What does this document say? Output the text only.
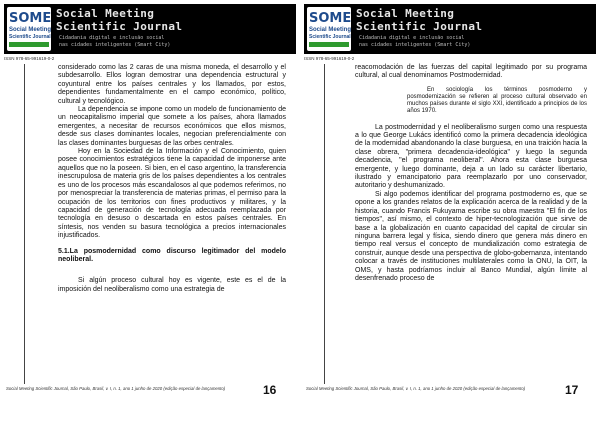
SOME
Social Meeting
Scientific Journal
Social Meeting
Scientific Journal
Cidadania digital e inclusão social
nas cidades inteligentes (Smart City)
ISSN 978-65-991619-0-2

considerado como las 2 caras de una misma moneda, el desarrollo y el subdesarrollo. Ellos logran demostrar una dependencia estructural y coyuntural entre los países centrales y los llamados, por estos, dependientes fundamentalmente en el campo económico, político, cultural y tecnológico.

La dependencia se impone como un modelo de funcionamiento de un neocapitalismo imperial que somete a los países, ahora llamados emergentes, a necesitar de recursos económicos que ellos mismos, desde sus clases dominantes locales, negocian preferencialmente con las clases dominantes burguesas de las orbes centrales.

Hoy en la Sociedad de la Información y el Conocimiento, quien posee conocimientos estratégicos tiene la capacidad de imponerse ante aquellos que no la poseen. Si bien, en el caso argentino, la transferencia inescrupulosa de materia gris de los países dependientes a los centrales es uno de los procesos más escandalosos al que podemos referirnos, no por menospreciar la transferencia de materias primas, el permiso para la ocupación de los territorios con fines productivos y militares, y la capacidad de generación de tecnología adecuada reemplazada por tecnología en desuso o descartada en estos países centrales. En síntesis, nos venden su basura tecnológica a precios internacionales injustificados.

5.1.La posmodernidad como discurso legitimador del modelo neoliberal.

Si algún proceso cultural hoy es vigente, este es el de la imposición del neoliberalismo como una estrategia de

Social Meeting Scientific Journal, São Paulo, Brasil, v. I, n. 1, ano 1 junho de 2020 (edição especial de lançamento)	16
SOME
Social Meeting
Scientific Journal
Social Meeting
Scientific Journal
Cidadania digital e inclusão social
nas cidades inteligentes (Smart City)
ISSN 978-65-991619-0-2

reacomodación de las fuerzas del capital legitimado por su programa cultural, al cual denominamos Postmodernidad.

En sociología los términos posmoderno y posmodernización se refieren al proceso cultural observado en muchos países durante el siglo XXI, identificado a principios de los años 1970.

La postmodernidad y el neoliberalismo surgen como una respuesta a lo que George Lukács identificó como la primera decadencia ideológica de la modernidad abandonando la clase burguesa, en una traición hacia la clase obrera, "primera decadencia-ideológica" y luego la segunda decadencia, "el programa neoliberal". Ahora esta clase burguesa emergente, y luego dominante, deja a un lado su carácter libertario, ilustrado y emancipatorio para reemplazarlo por uno conservador, autoritario y deshumanizado.

Si algo podemos identificar del programa postmoderno es, que se opone a los grandes relatos de la explicación acerca de la realidad y de la historia, cuando Francis Fukuyama escribe su obra maestra "El fin de los tiempos", así mismo, el contexto de hiper-tecnologización que sirve de base a la globalización en cuanto capacidad del capital de circular sin ninguna barrera legal y física, siendo dinero que genera más dinero en tiempo real versus el concepto de mundialización como estrategia de construir, aunque desde una perspectiva de globo-gobernanza, intentando colocar a través de instituciones multilaterales como la ONU, la OIT, la OMS, y hasta podríamos incluir al Banco Mundial, algún límite al desenfrenado proceso de

Social Meeting Scientific Journal, São Paulo, Brasil, v. I, n. 1, ano 1 junho de 2020 (edição especial de lançamento)	17
